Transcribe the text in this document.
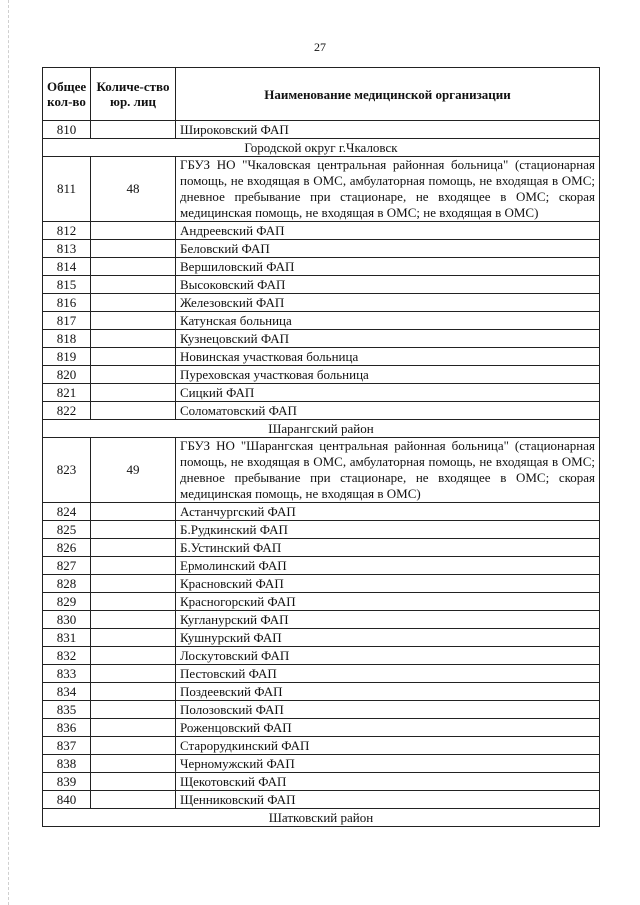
27
Общее кол-во	Количе-ство юр. лиц	Наименование медицинской организации
810		Широковский ФАП
Городской округ г.Чкаловск		
811	48	ГБУЗ НО "Чкаловская центральная районная больница" (стационарная помощь, не входящая в ОМС, амбулаторная помощь, не входящая в ОМС; дневное пребывание при стационаре, не входящее в ОМС; скорая медицинская помощь, не входящая в ОМС; не входящая в ОМС)
812		Андреевский ФАП
813		Беловский ФАП
814		Вершиловский ФАП
815		Высоковский ФАП
816		Железовский ФАП
817		Катунская больница
818		Кузнецовский ФАП
819		Новинская участковая больница
820		Пуреховская участковая больница
821		Сицкий ФАП
822		Соломатовский ФАП
Шарангский район		
823	49	ГБУЗ НО "Шарангская центральная районная больница" (стационарная помощь, не входящая в ОМС, амбулаторная помощь, не входящая в ОМС; дневное пребывание при стационаре, не входящее в ОМС; скорая медицинская помощь, не входящая в ОМС)
824		Астанчургский ФАП
825		Б.Рудкинский ФАП
826		Б.Устинский ФАП
827		Ермолинский ФАП
828		Красновский ФАП
829		Красногорский ФАП
830		Кугланурский ФАП
831		Кушнурский ФАП
832		Лоскутовский ФАП
833		Пестовский ФАП
834		Поздеевский ФАП
835		Полозовский ФАП
836		Роженцовский ФАП
837		Старорудкинский ФАП
838		Черномужский ФАП
839		Щекотовский ФАП
840		Щенниковский ФАП
Шатковский район		
